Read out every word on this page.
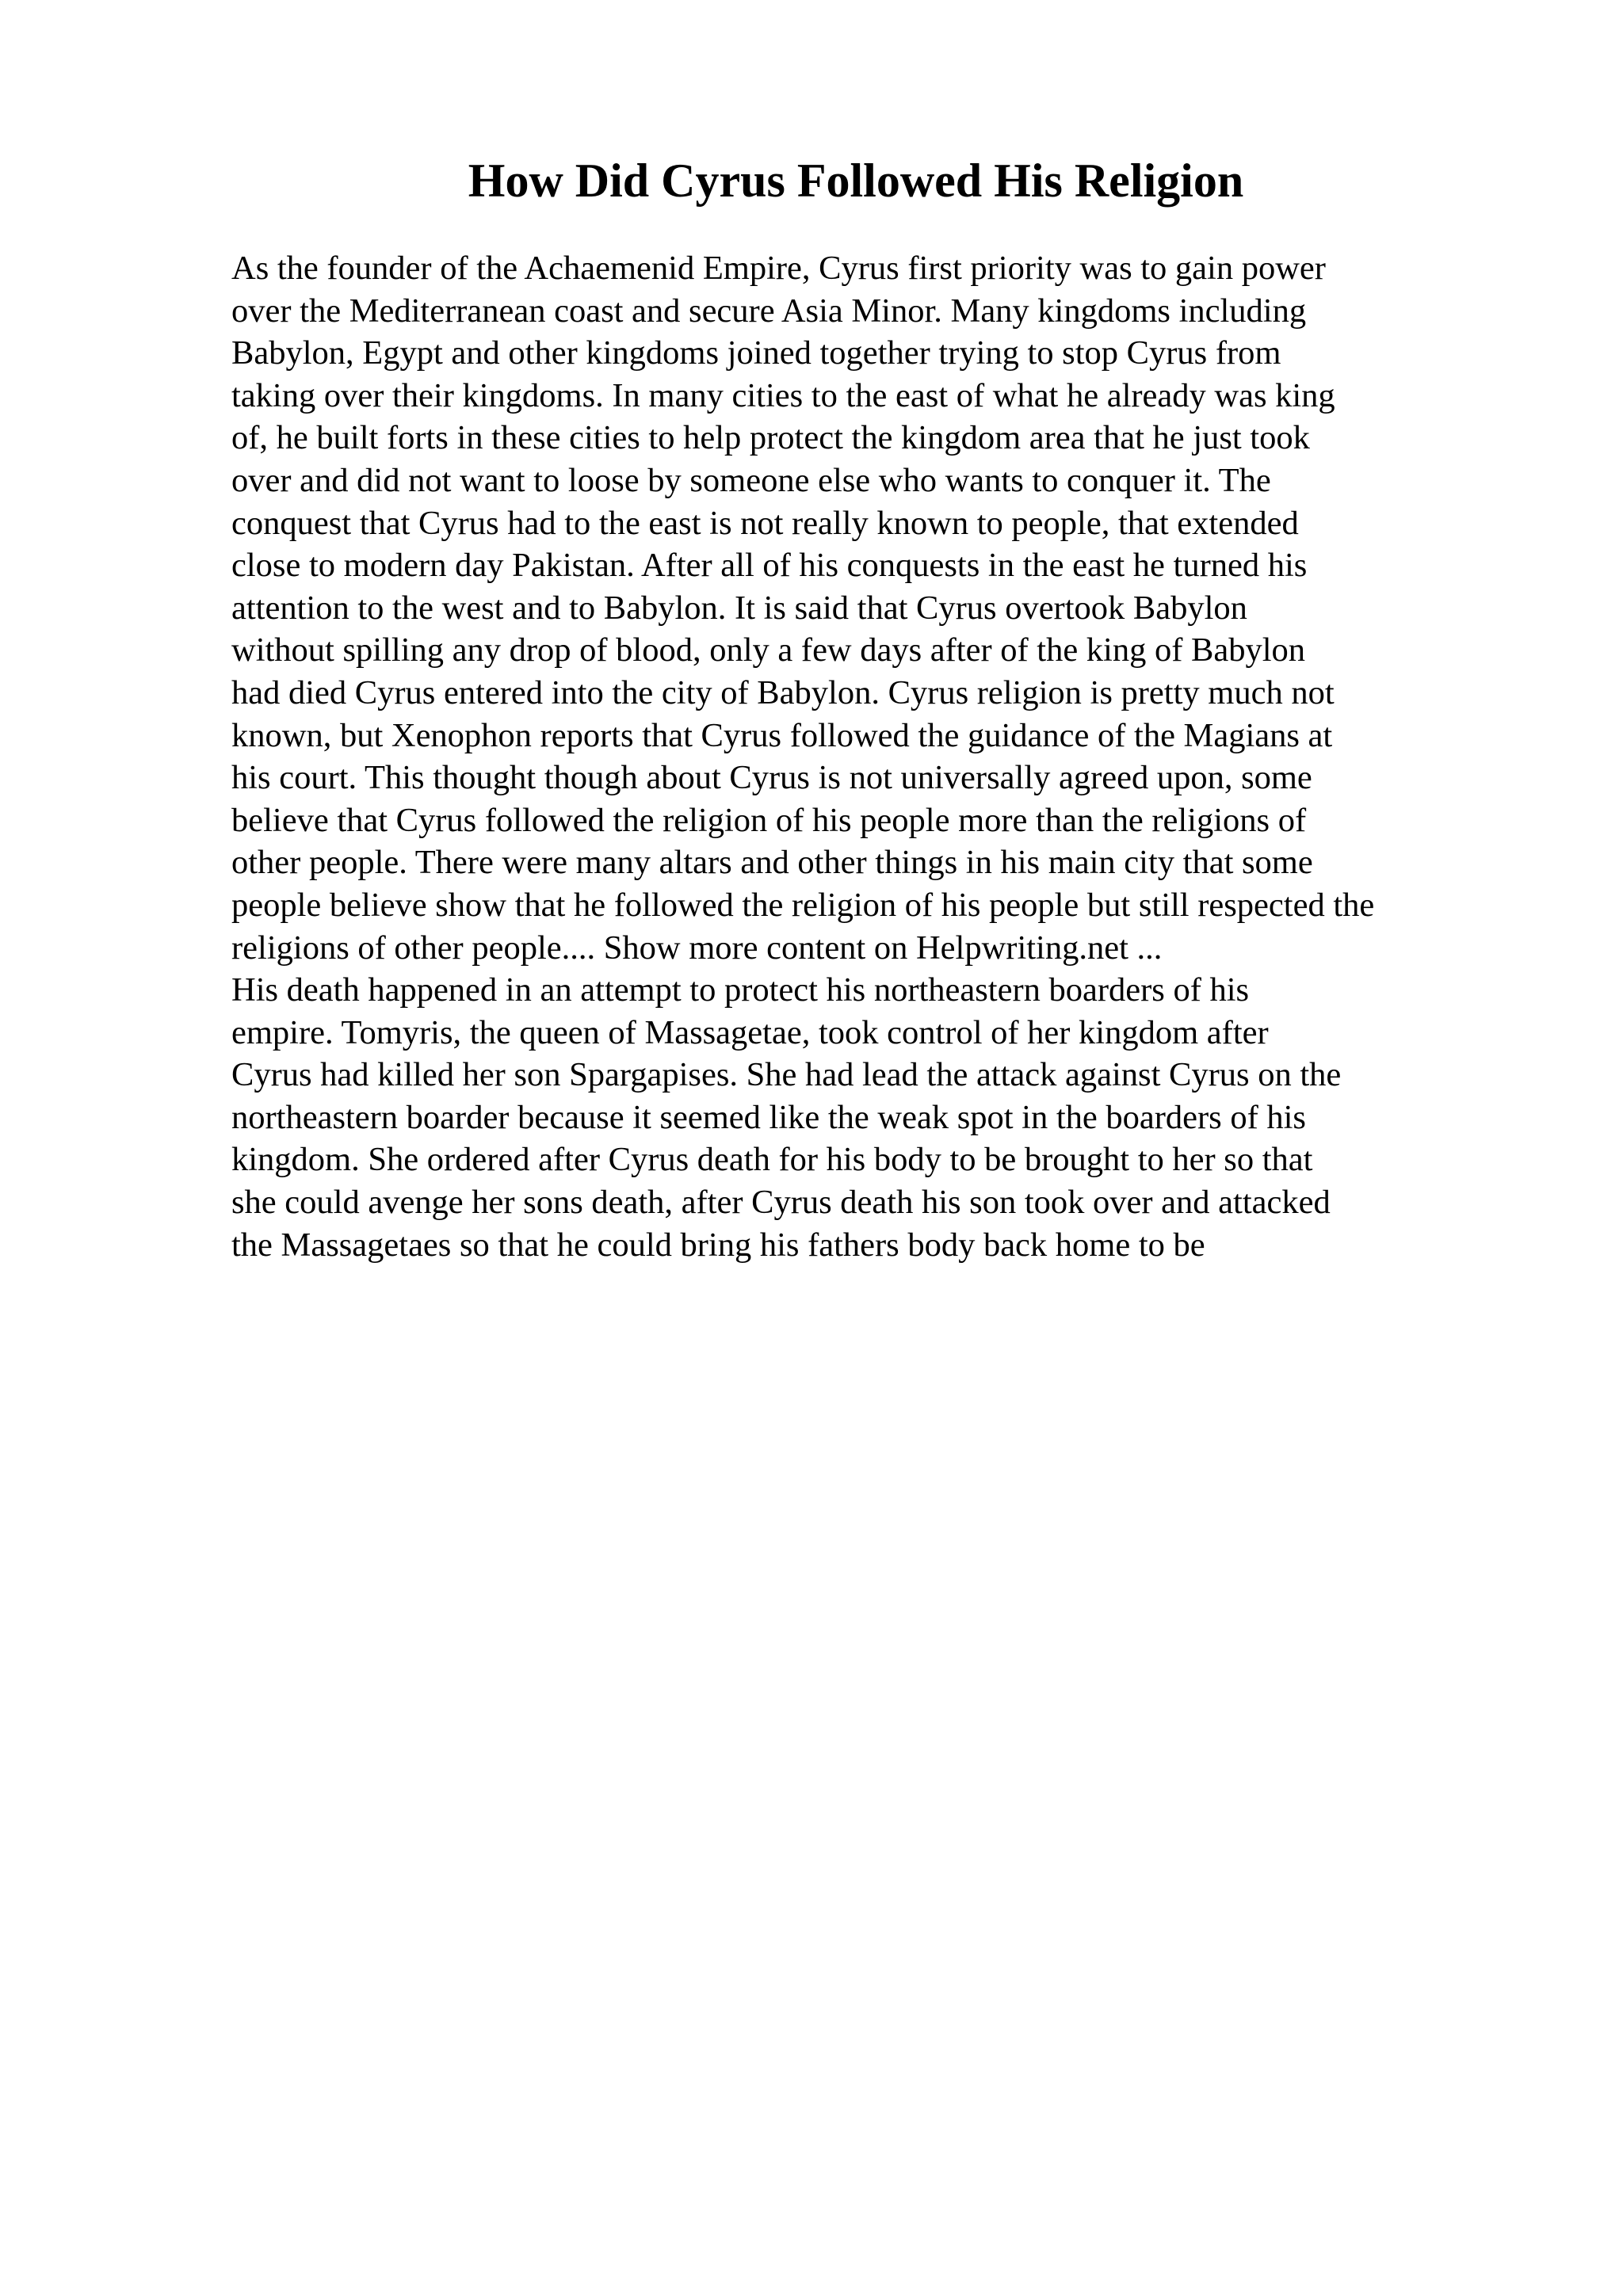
How Did Cyrus Followed His Religion
As the founder of the Achaemenid Empire, Cyrus first priority was to gain power
over the Mediterranean coast and secure Asia Minor. Many kingdoms including
Babylon, Egypt and other kingdoms joined together trying to stop Cyrus from
taking over their kingdoms. In many cities to the east of what he already was king
of, he built forts in these cities to help protect the kingdom area that he just took
over and did not want to loose by someone else who wants to conquer it. The
conquest that Cyrus had to the east is not really known to people, that extended
close to modern day Pakistan. After all of his conquests in the east he turned his
attention to the west and to Babylon. It is said that Cyrus overtook Babylon
without spilling any drop of blood, only a few days after of the king of Babylon
had died Cyrus entered into the city of Babylon. Cyrus religion is pretty much not
known, but Xenophon reports that Cyrus followed the guidance of the Magians at
his court. This thought though about Cyrus is not universally agreed upon, some
believe that Cyrus followed the religion of his people more than the religions of
other people. There were many altars and other things in his main city that some
people believe show that he followed the religion of his people but still respected the
religions of other people.... Show more content on Helpwriting.net ...
His death happened in an attempt to protect his northeastern boarders of his
empire. Tomyris, the queen of Massagetae, took control of her kingdom after
Cyrus had killed her son Spargapises. She had lead the attack against Cyrus on the
northeastern boarder because it seemed like the weak spot in the boarders of his
kingdom. She ordered after Cyrus death for his body to be brought to her so that
she could avenge her sons death, after Cyrus death his son took over and attacked
the Massagetaes so that he could bring his fathers body back home to be
